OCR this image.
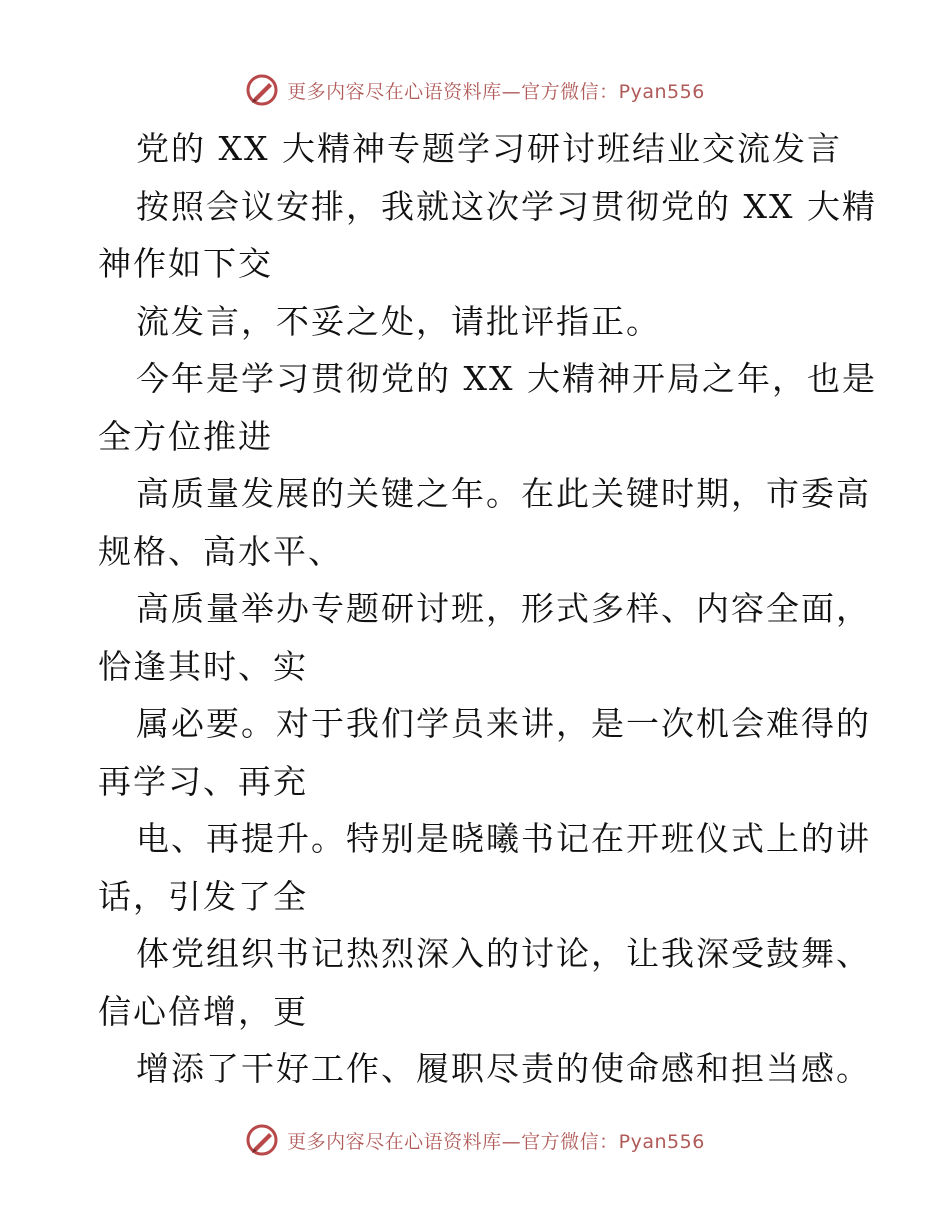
更多内容尽在心语资料库—官方微信：Pyan556
党的 XX 大精神专题学习研讨班结业交流发言
按照会议安排，我就这次学习贯彻党的 XX 大精
神作如下交
流发言，不妥之处，请批评指正。
今年是学习贯彻党的 XX 大精神开局之年，也是
全方位推进
高质量发展的关键之年。在此关键时期，市委高
规格、高水平、
高质量举办专题研讨班，形式多样、内容全面，
恰逢其时、实
属必要。对于我们学员来讲，是一次机会难得的
再学习、再充
电、再提升。特别是晓曦书记在开班仪式上的讲
话，引发了全
体党组织书记热烈深入的讨论，让我深受鼓舞、
信心倍增，更
增添了干好工作、履职尽责的使命感和担当感。
更多内容尽在心语资料库—官方微信：Pyan556
